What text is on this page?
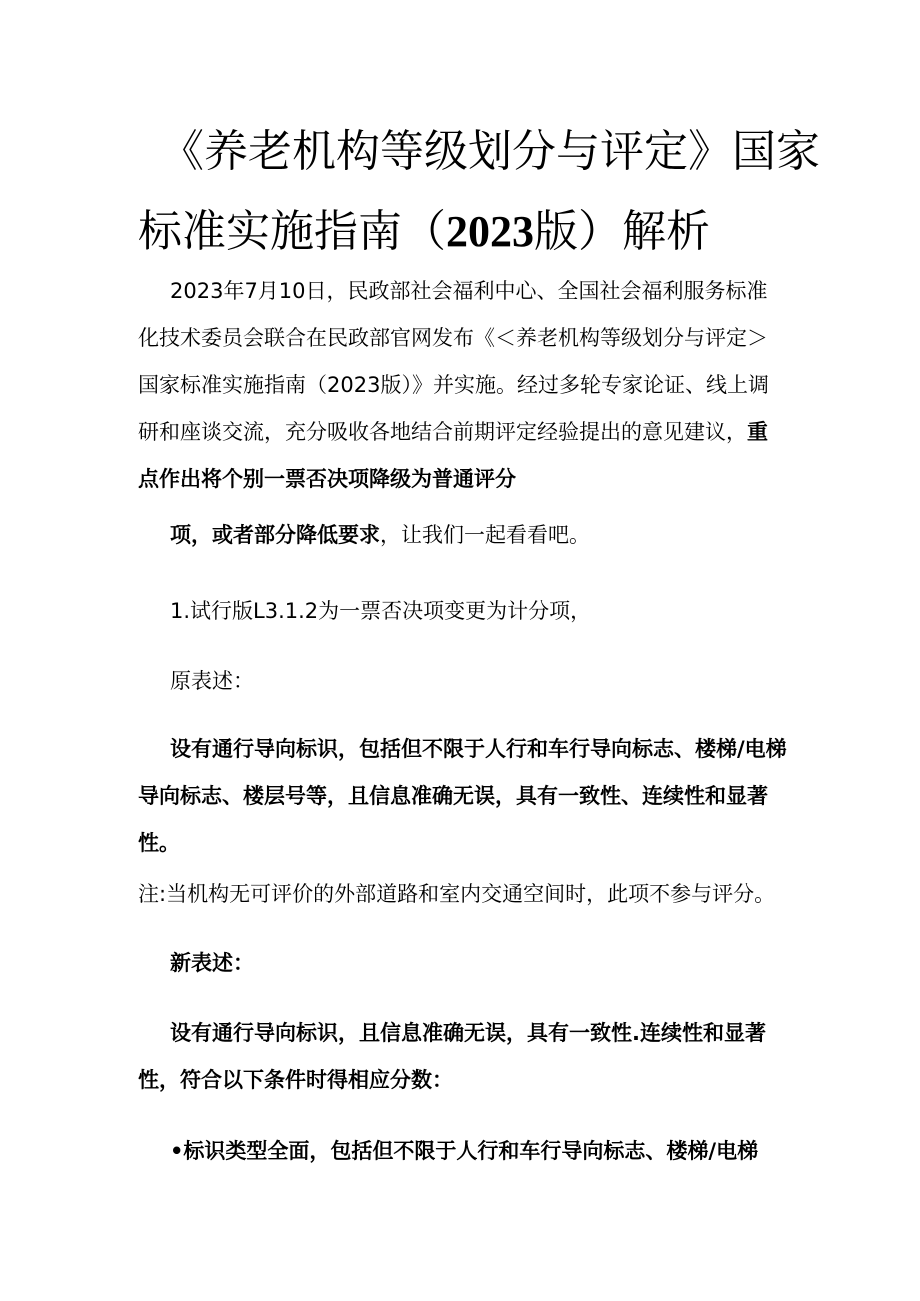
《养老机构等级划分与评定》国家
标准实施指南（2023版）解析

2023年7月10日，民政部社会福利中心、全国社会福利服务标准化技术委员会联合在民政部官网发布《＜养老机构等级划分与评定＞国家标准实施指南（2023版）》并实施。经过多轮专家论证、线上调研和座谈交流，充分吸收各地结合前期评定经验提出的意见建议，重点作出将个别一票否决项降级为普通评分

项，或者部分降低要求，让我们一起看看吧。

1.试行版L3.1.2为一票否决项变更为计分项，

原表述：

设有通行导向标识，包括但不限于人行和车行导向标志、楼梯/电梯导向标志、楼层号等，且信息准确无误，具有一致性、连续性和显著性。

注:当机构无可评价的外部道路和室内交通空间时，此项不参与评分。

新表述：

设有通行导向标识，且信息准确无误，具有一致性.连续性和显著性，符合以下条件时得相应分数：

•标识类型全面，包括但不限于人行和车行导向标志、楼梯/电梯
